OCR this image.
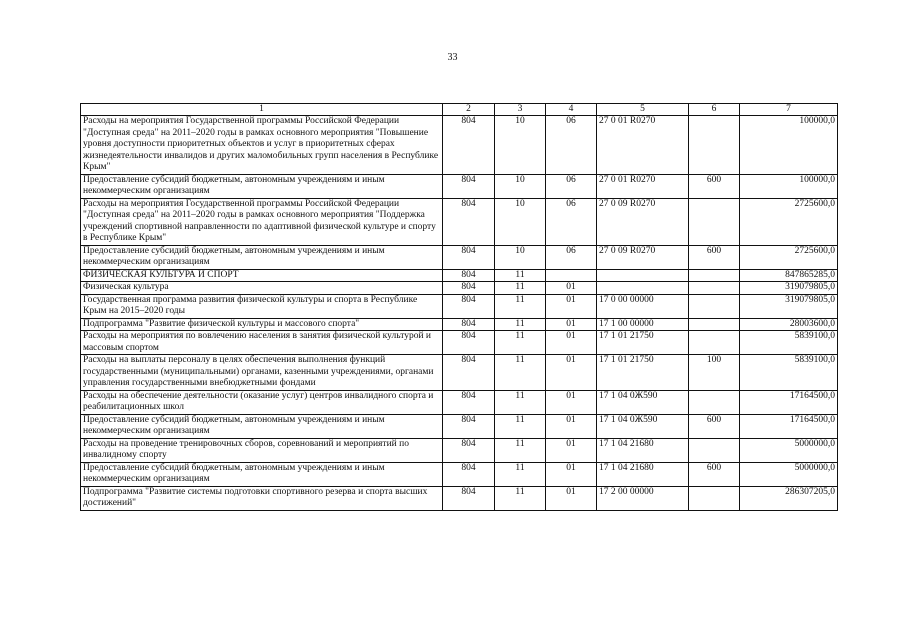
33
1	2	3	4	5	6	7
Расходы на мероприятия Государственной программы Российской Федерации "Доступная среда" на 2011–2020 годы в рамках основного мероприятия "Повышение уровня доступности приоритетных объектов и услуг в приоритетных сферах жизнедеятельности инвалидов и других маломобильных групп населения в Республике Крым"	804	10	06	27 0 01 R0270		100000,0
Предоставление субсидий бюджетным, автономным учреждениям и иным некоммерческим организациям	804	10	06	27 0 01 R0270	600	100000,0
Расходы на мероприятия Государственной программы Российской Федерации "Доступная среда" на 2011–2020 годы в рамках основного мероприятия "Поддержка учреждений спортивной направленности по адаптивной физической культуре и спорту в Республике Крым"	804	10	06	27 0 09 R0270		2725600,0
Предоставление субсидий бюджетным, автономным учреждениям и иным некоммерческим организациям	804	10	06	27 0 09 R0270	600	2725600,0
ФИЗИЧЕСКАЯ КУЛЬТУРА И СПОРТ	804	11				847865285,0
Физическая культура	804	11	01			319079805,0
Государственная программа развития физической культуры и спорта в Республике Крым на 2015–2020 годы	804	11	01	17 0 00 00000		319079805,0
Подпрограмма "Развитие физической культуры и массового спорта"	804	11	01	17 1 00 00000		28003600,0
Расходы на мероприятия по вовлечению населения в занятия физической культурой и массовым спортом	804	11	01	17 1 01 21750		5839100,0
Расходы на выплаты персоналу в целях обеспечения выполнения функций государственными (муниципальными) органами, казенными учреждениями, органами управления государственными внебюджетными фондами	804	11	01	17 1 01 21750	100	5839100,0
Расходы на обеспечение деятельности (оказание услуг) центров инвалидного спорта и реабилитационных школ	804	11	01	17 1 04 0Ж590		17164500,0
Предоставление субсидий бюджетным, автономным учреждениям и иным некоммерческим организациям	804	11	01	17 1 04 0Ж590	600	17164500,0
Расходы на проведение тренировочных сборов, соревнований и мероприятий по инвалидному спорту	804	11	01	17 1 04 21680		5000000,0
Предоставление субсидий бюджетным, автономным учреждениям и иным некоммерческим организациям	804	11	01	17 1 04 21680	600	5000000,0
Подпрограмма "Развитие системы подготовки спортивного резерва и спорта высших достижений"	804	11	01	17 2 00 00000		286307205,0
